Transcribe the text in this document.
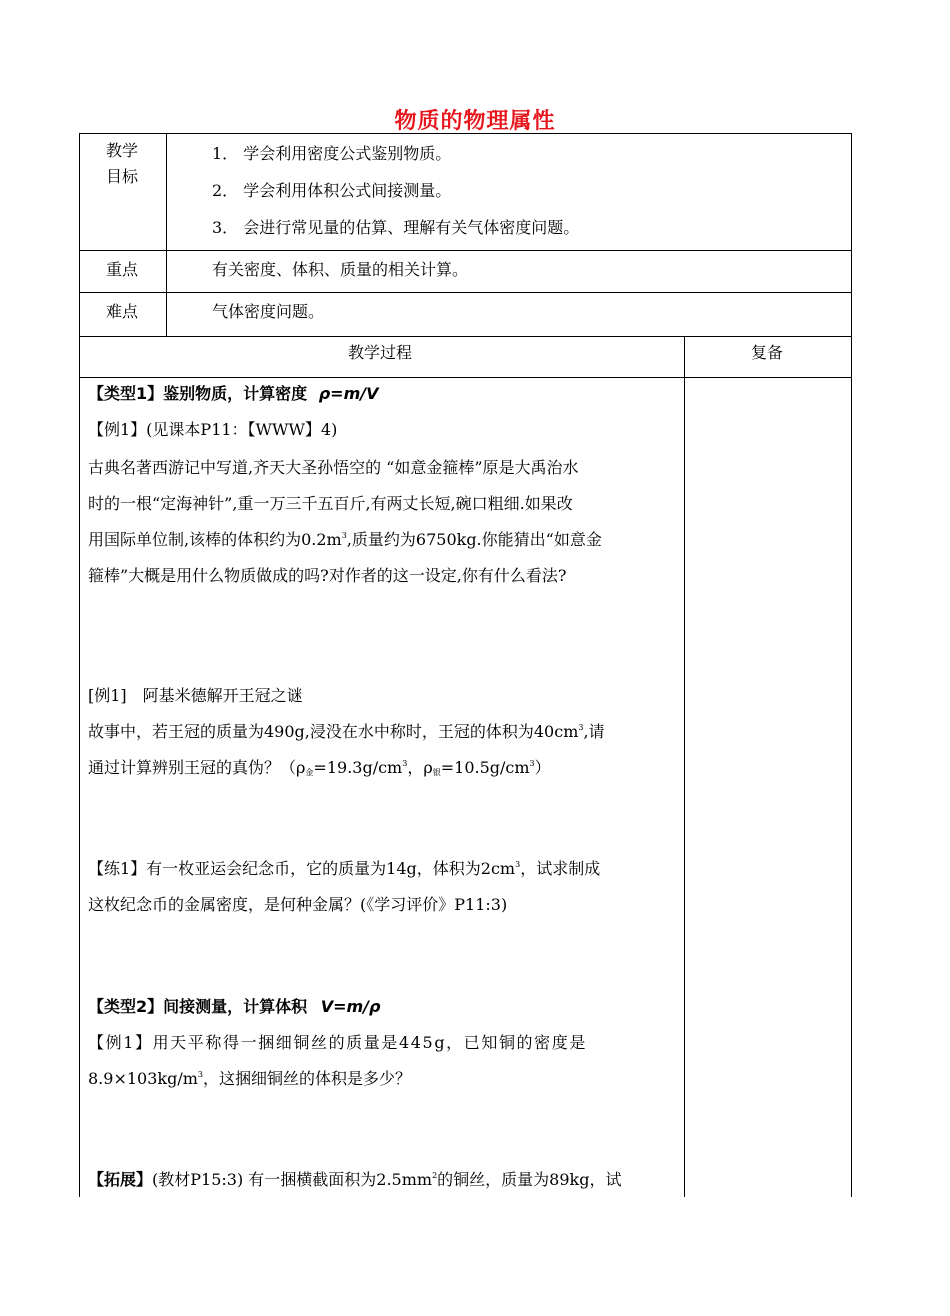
物质的物理属性
教学
目标
1． 学会利用密度公式鉴别物质。
2． 学会利用体积公式间接测量。
3． 会进行常见量的估算、理解有关气体密度问题。
重点	有关密度、体积、质量的相关计算。
难点	气体密度问题。
教学过程	复备
【类型1】鉴别物质，计算密度 ρ=m/V
【例1】(见课本P11：【WWW】4)
古典名著西游记中写道,齐天大圣孙悟空的 “如意金箍棒”原是大禹治水
时的一根“定海神针”,重一万三千五百斤,有两丈长短,碗口粗细.如果改
用国际单位制,该棒的体积约为$0.2m^3$,质量约为6750kg.你能猜出“如意金
箍棒”大概是用什么物质做成的吗?对作者的这一设定,你有什么看法?
[例1]　阿基米德解开王冠之谜
故事中，若王冠的质量为490g,浸没在水中称时，王冠的体积为$40cm^3$,请
通过计算辨别王冠的真伪？（$\rho_金=19.3g/cm^3$，$\rho_银=10.5g/cm^3$）
【练1】有一枚亚运会纪念币，它的质量为14g，体积为$2cm^3$，试求制成
这枚纪念币的金属密度，是何种金属？(《学习评价》P11:3)
【类型2】间接测量，计算体积 V=m/ρ
【例1】用天平称得一捆细铜丝的质量是445g，已知铜的密度是
$8.9\times 103kg/m^3$，这捆细铜丝的体积是多少？
【拓展】(教材P15:3) 有一捆横截面积为$2.5mm^2$的铜丝，质量为89kg，试
